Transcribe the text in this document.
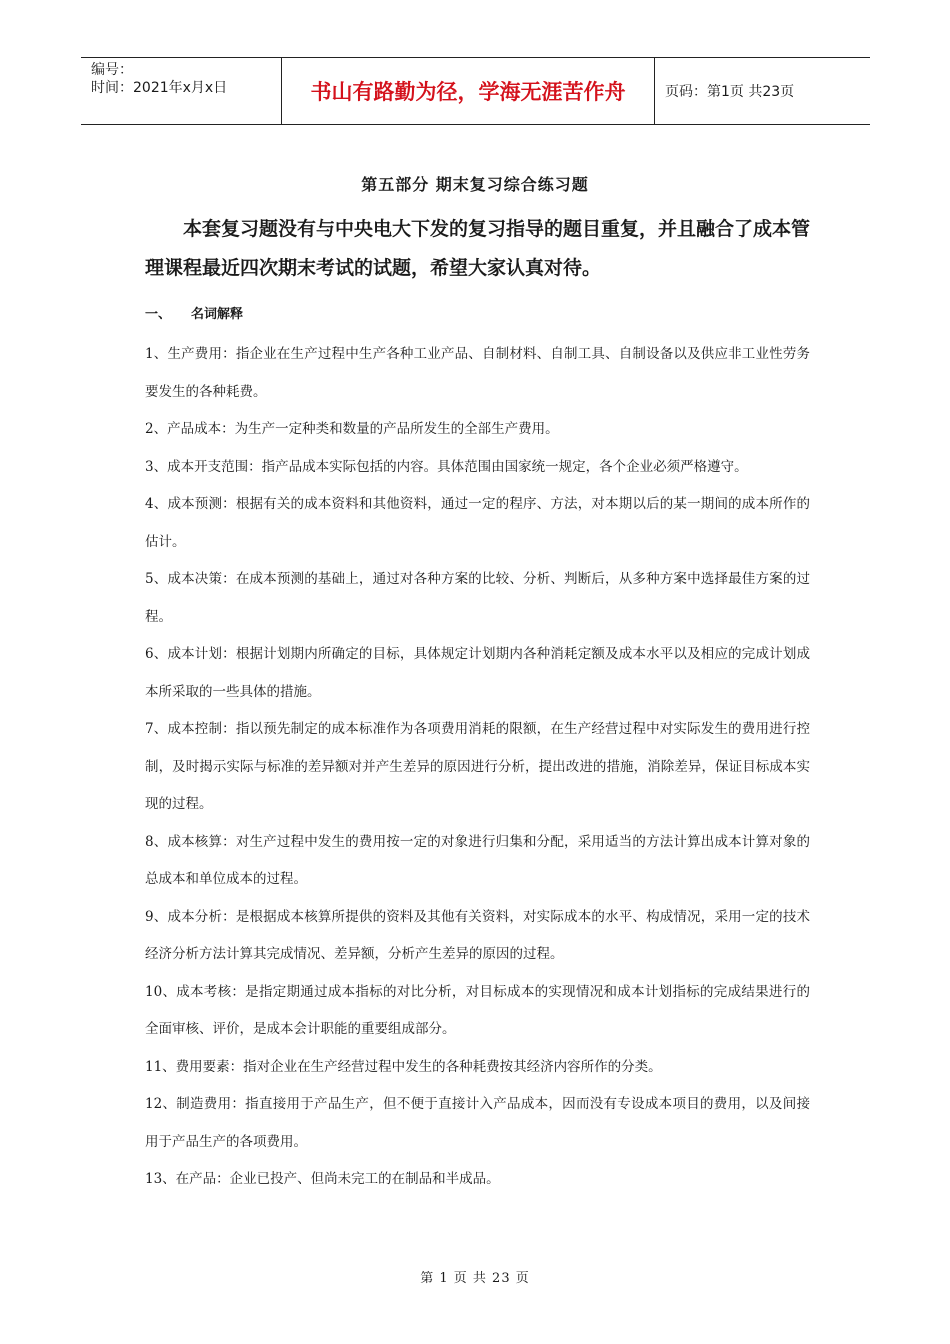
编号：
时间：2021年x月x日	书山有路勤为径，学海无涯苦作舟	页码：第1页 共23页
第五部分 期末复习综合练习题
本套复习题没有与中央电大下发的复习指导的题目重复，并且融合了成本管理课程最近四次期末考试的试题，希望大家认真对待。
一、 名词解释

1、生产费用：指企业在生产过程中生产各种工业产品、自制材料、自制工具、自制设备以及供应非工业性劳务要发生的各种耗费。

2、产品成本：为生产一定种类和数量的产品所发生的全部生产费用。

3、成本开支范围：指产品成本实际包括的内容。具体范围由国家统一规定，各个企业必须严格遵守。

4、成本预测：根据有关的成本资料和其他资料，通过一定的程序、方法，对本期以后的某一期间的成本所作的估计。

5、成本决策：在成本预测的基础上，通过对各种方案的比较、分析、判断后，从多种方案中选择最佳方案的过程。

6、成本计划：根据计划期内所确定的目标，具体规定计划期内各种消耗定额及成本水平以及相应的完成计划成本所采取的一些具体的措施。

7、成本控制：指以预先制定的成本标准作为各项费用消耗的限额，在生产经营过程中对实际发生的费用进行控制，及时揭示实际与标准的差异额对并产生差异的原因进行分析，提出改进的措施，消除差异，保证目标成本实现的过程。

8、成本核算：对生产过程中发生的费用按一定的对象进行归集和分配，采用适当的方法计算出成本计算对象的总成本和单位成本的过程。

9、成本分析：是根据成本核算所提供的资料及其他有关资料，对实际成本的水平、构成情况，采用一定的技术经济分析方法计算其完成情况、差异额，分析产生差异的原因的过程。

10、成本考核：是指定期通过成本指标的对比分析，对目标成本的实现情况和成本计划指标的完成结果进行的全面审核、评价，是成本会计职能的重要组成部分。

11、费用要素：指对企业在生产经营过程中发生的各种耗费按其经济内容所作的分类。

12、制造费用：指直接用于产品生产，但不便于直接计入产品成本，因而没有专设成本项目的费用，以及间接用于产品生产的各项费用。

13、在产品：企业已投产、但尚未完工的在制品和半成品。

第 1 页 共 23 页
